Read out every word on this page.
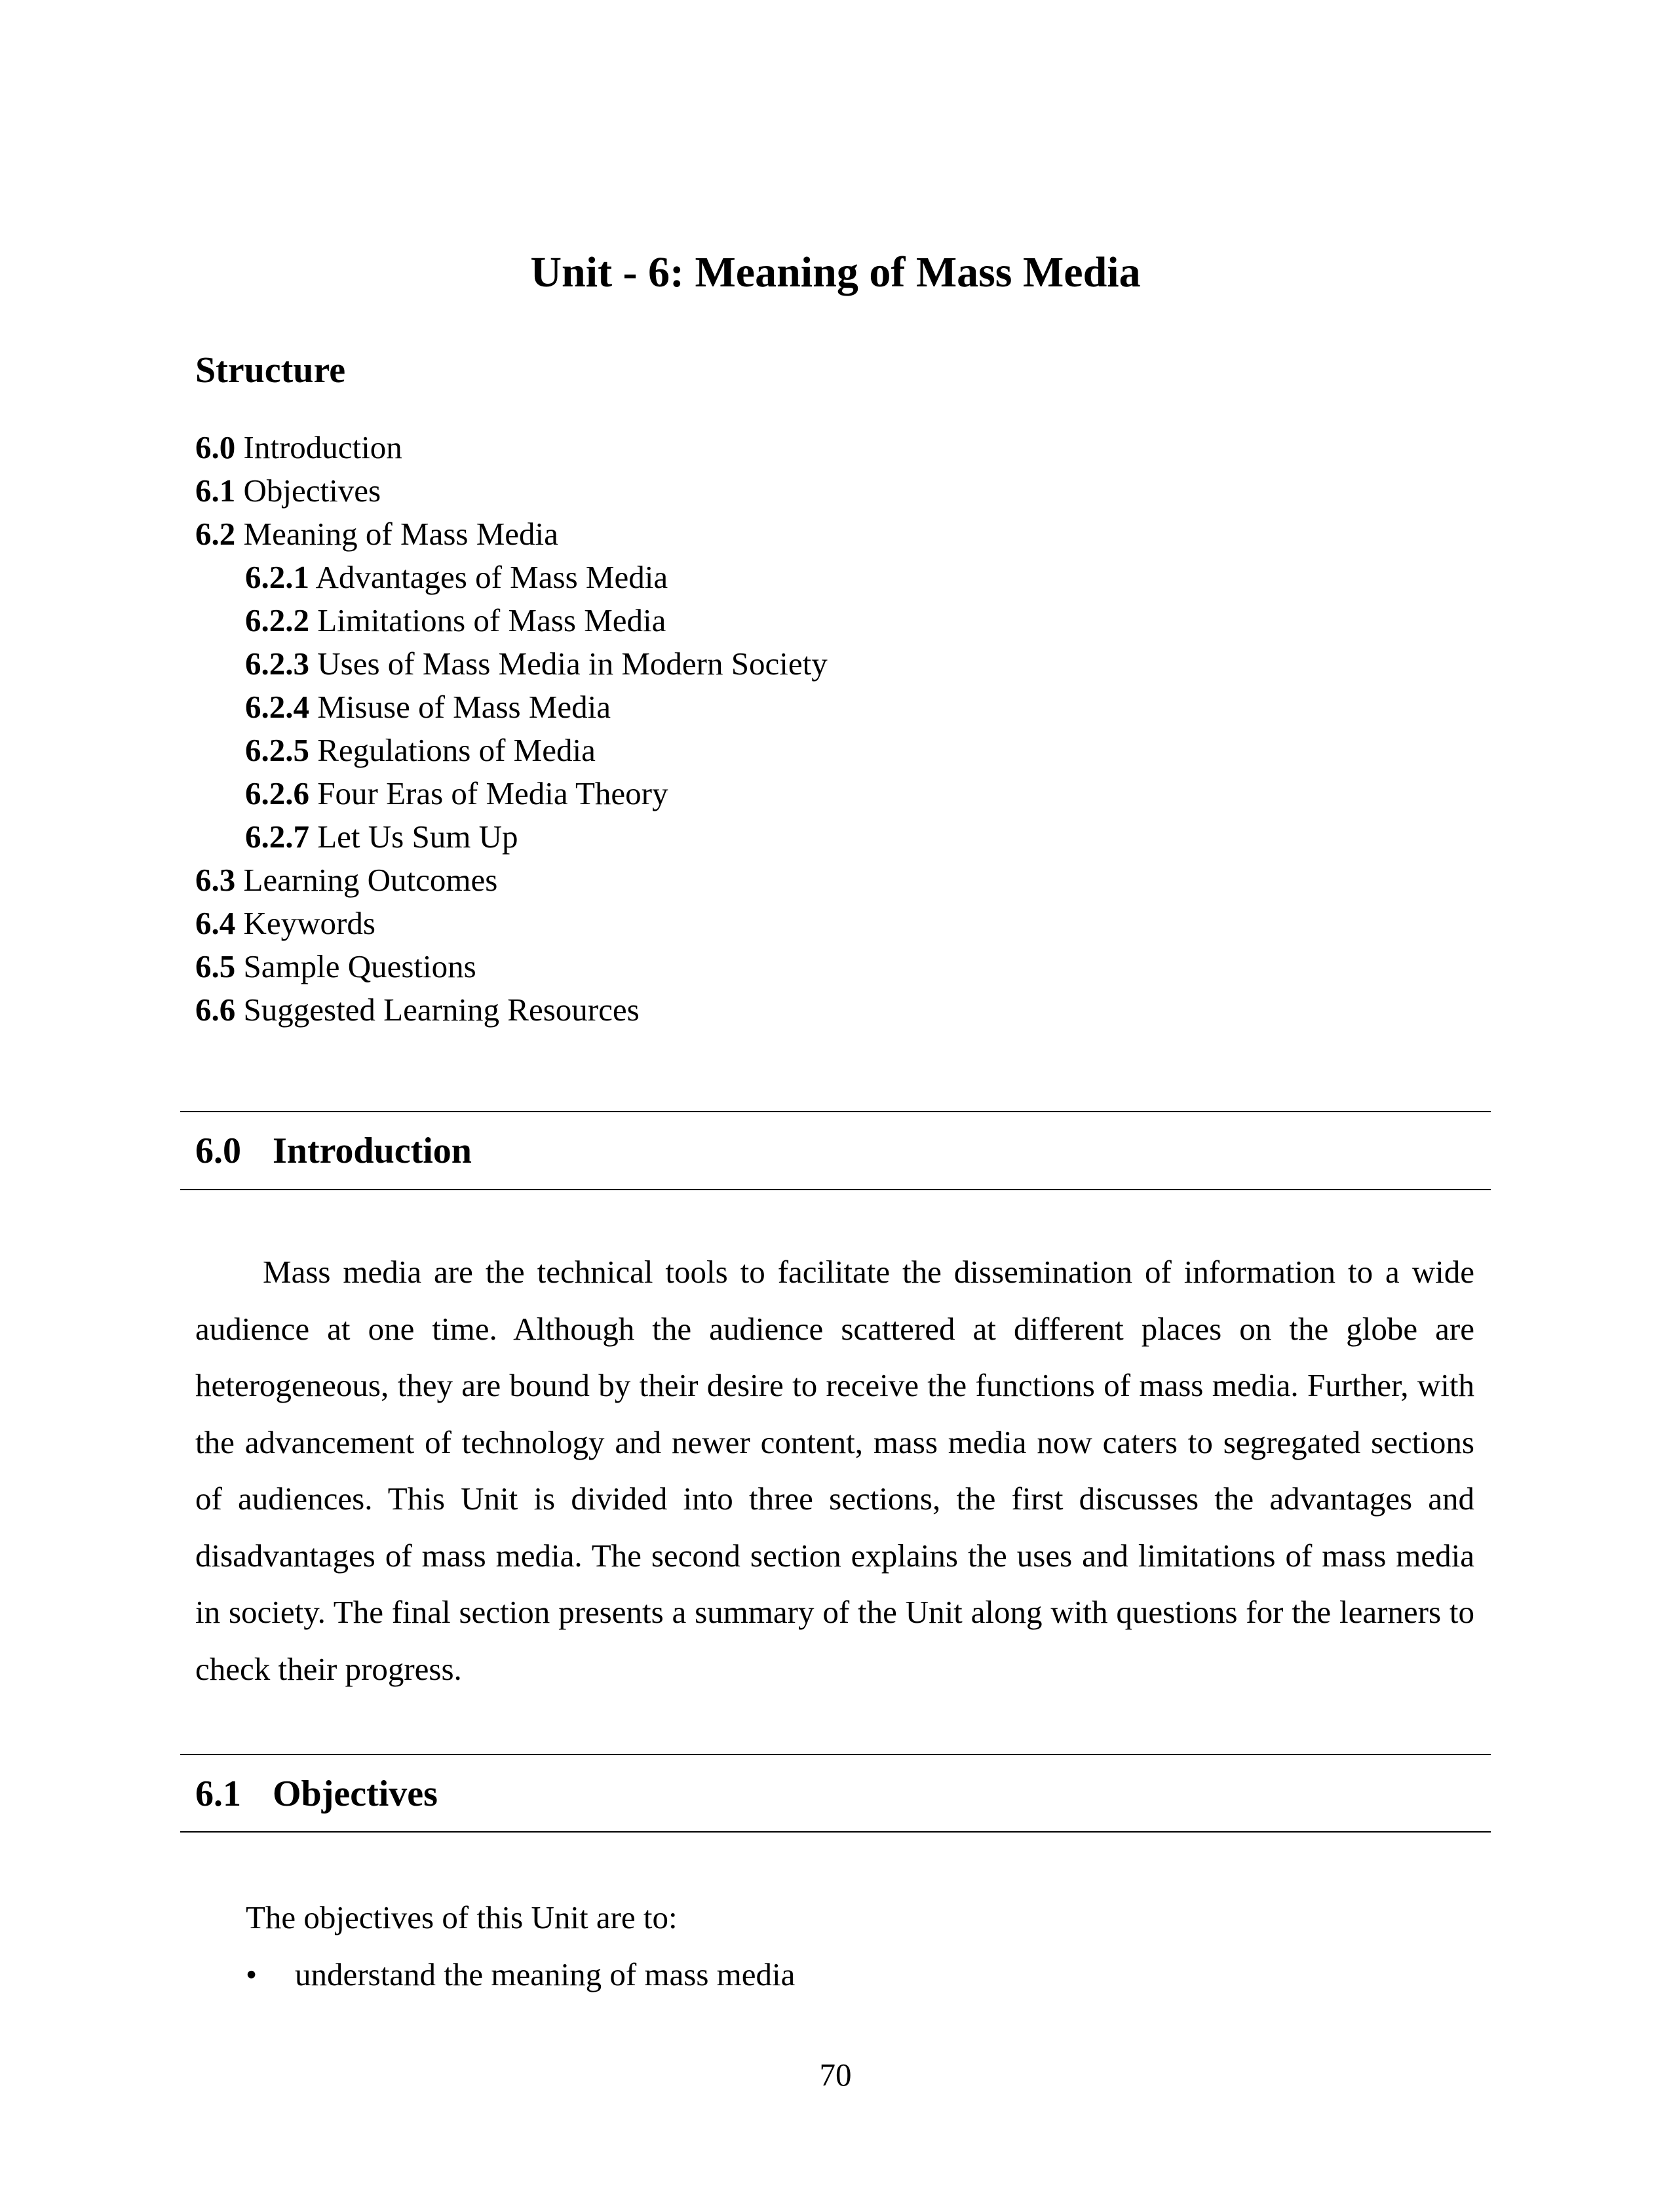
Unit - 6: Meaning of Mass Media
Structure
6.0 Introduction
6.1 Objectives
6.2 Meaning of Mass Media
6.2.1 Advantages of Mass Media
6.2.2 Limitations of Mass Media
6.2.3 Uses of Mass Media in Modern Society
6.2.4 Misuse of Mass Media
6.2.5 Regulations of Media
6.2.6 Four Eras of Media Theory
6.2.7 Let Us Sum Up
6.3 Learning Outcomes
6.4 Keywords
6.5 Sample Questions
6.6 Suggested Learning Resources
6.0 Introduction

Mass media are the technical tools to facilitate the dissemination of information to a wide audience at one time. Although the audience scattered at different places on the globe are heterogeneous, they are bound by their desire to receive the functions of mass media. Further, with the advancement of technology and newer content, mass media now caters to segregated sections of audiences. This Unit is divided into three sections, the first discusses the advantages and disadvantages of mass media. The second section explains the uses and limitations of mass media in society. The final section presents a summary of the Unit along with questions for the learners to check their progress.

6.1 Objectives

The objectives of this Unit are to:

• understand the meaning of mass media

70
